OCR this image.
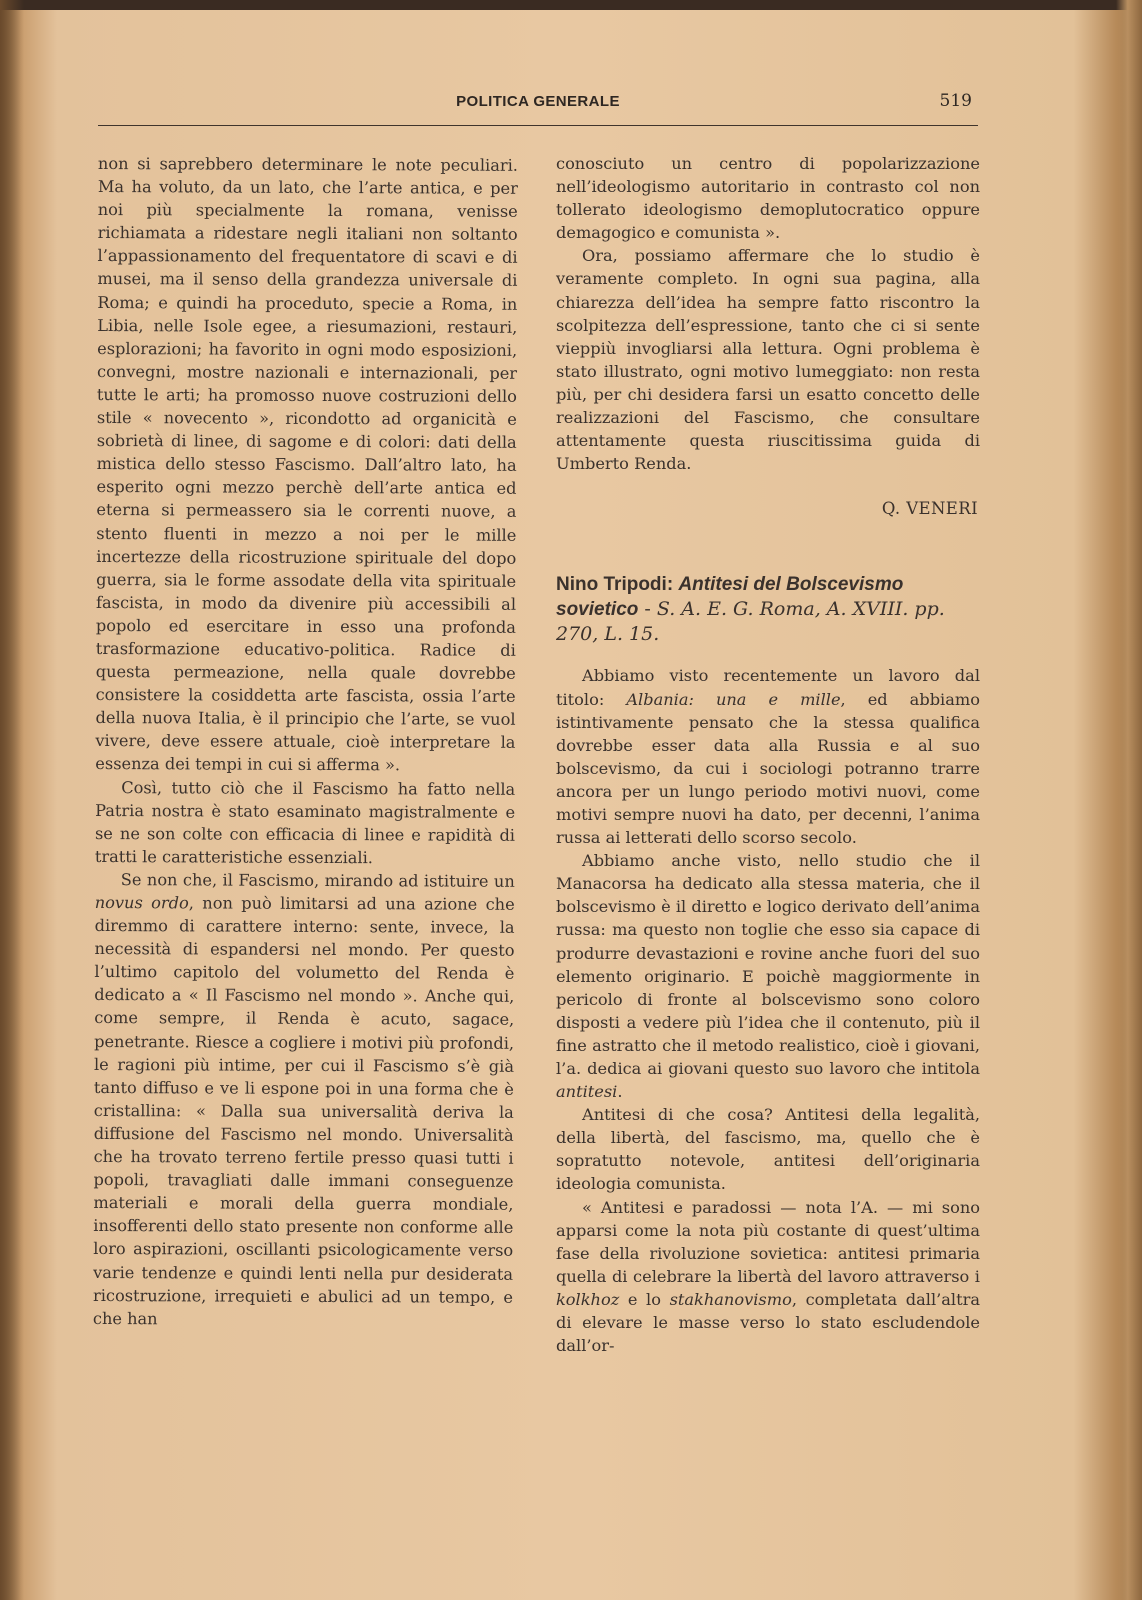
POLITICA GENERALE	519

non si saprebbero determinare le note peculiari. Ma ha voluto, da un lato, che l’arte antica, e per noi più specialmente la romana, venisse richiamata a ridestare negli italiani non soltanto l’appassionamento del frequentatore di scavi e di musei, ma il senso della grandezza universale di Roma; e quindi ha proceduto, specie a Roma, in Libia, nelle Isole egee, a riesumazioni, restauri, esplorazioni; ha favorito in ogni modo esposizioni, convegni, mostre nazionali e internazionali, per tutte le arti; ha promosso nuove costruzioni dello stile « novecento », ricondotto ad organicità e sobrietà di linee, di sagome e di colori: dati della mistica dello stesso Fascismo. Dall’altro lato, ha esperito ogni mezzo perchè dell’arte antica ed eterna si permeassero sia le correnti nuove, a stento fluenti in mezzo a noi per le mille incertezze della ricostruzione spirituale del dopo guerra, sia le forme assodate della vita spirituale fascista, in modo da divenire più accessibili al popolo ed esercitare in esso una profonda trasformazione educativo-politica. Radice di questa permeazione, nella quale dovrebbe consistere la cosiddetta arte fascista, ossia l’arte della nuova Italia, è il principio che l’arte, se vuol vivere, deve essere attuale, cioè interpretare la essenza dei tempi in cui si afferma ».

Così, tutto ciò che il Fascismo ha fatto nella Patria nostra è stato esaminato magistralmente e se ne son colte con efficacia di linee e rapidità di tratti le caratteristiche essenziali.

Se non che, il Fascismo, mirando ad istituire un novus ordo, non può limitarsi ad una azione che diremmo di carattere interno: sente, invece, la necessità di espandersi nel mondo. Per questo l’ultimo capitolo del volumetto del Renda è dedicato a « Il Fascismo nel mondo ». Anche qui, come sempre, il Renda è acuto, sagace, penetrante. Riesce a cogliere i motivi più profondi, le ragioni più intime, per cui il Fascismo s’è già tanto diffuso e ve li espone poi in una forma che è cristallina: « Dalla sua universalità deriva la diffusione del Fascismo nel mondo. Universalità che ha trovato terreno fertile presso quasi tutti i popoli, travagliati dalle immani conseguenze materiali e morali della guerra mondiale, insofferenti dello stato presente non conforme alle loro aspirazioni, oscillanti psicologicamente verso varie tendenze e quindi lenti nella pur desiderata ricostruzione, irrequieti e abulici ad un tempo, e che han

conosciuto un centro di popolarizzazione nell’ideologismo autoritario in contrasto col non tollerato ideologismo demoplutocratico oppure demagogico e comunista ».

Ora, possiamo affermare che lo studio è veramente completo. In ogni sua pagina, alla chiarezza dell’idea ha sempre fatto riscontro la scolpitezza dell’espressione, tanto che ci si sente vieppiù invogliarsi alla lettura. Ogni problema è stato illustrato, ogni motivo lumeggiato: non resta più, per chi desidera farsi un esatto concetto delle realizzazioni del Fascismo, che consultare attentamente questa riuscitissima guida di Umberto Renda.

Q. VENERI
Nino Tripodi: Antitesi del Bolscevismo sovietico - S. A. E. G. Roma, A. XVIII. pp. 270, L. 15.

Abbiamo visto recentemente un lavoro dal titolo: Albania: una e mille, ed abbiamo istintivamente pensato che la stessa qualifica dovrebbe esser data alla Russia e al suo bolscevismo, da cui i sociologi potranno trarre ancora per un lungo periodo motivi nuovi, come motivi sempre nuovi ha dato, per decenni, l’anima russa ai letterati dello scorso secolo.

Abbiamo anche visto, nello studio che il Manacorsa ha dedicato alla stessa materia, che il bolscevismo è il diretto e logico derivato dell’anima russa: ma questo non toglie che esso sia capace di produrre devastazioni e rovine anche fuori del suo elemento originario. E poichè maggiormente in pericolo di fronte al bolscevismo sono coloro disposti a vedere più l’idea che il contenuto, più il fine astratto che il metodo realistico, cioè i giovani, l’a. dedica ai giovani questo suo lavoro che intitola antitesi.

Antitesi di che cosa? Antitesi della legalità, della libertà, del fascismo, ma, quello che è sopratutto notevole, antitesi dell’originaria ideologia comunista.

« Antitesi e paradossi — nota l’A. — mi sono apparsi come la nota più costante di quest’ultima fase della rivoluzione sovietica: antitesi primaria quella di celebrare la libertà del lavoro attraverso i kolkhoz e lo stakhanovismo, completata dall’altra di elevare le masse verso lo stato escludendole dall’or-
